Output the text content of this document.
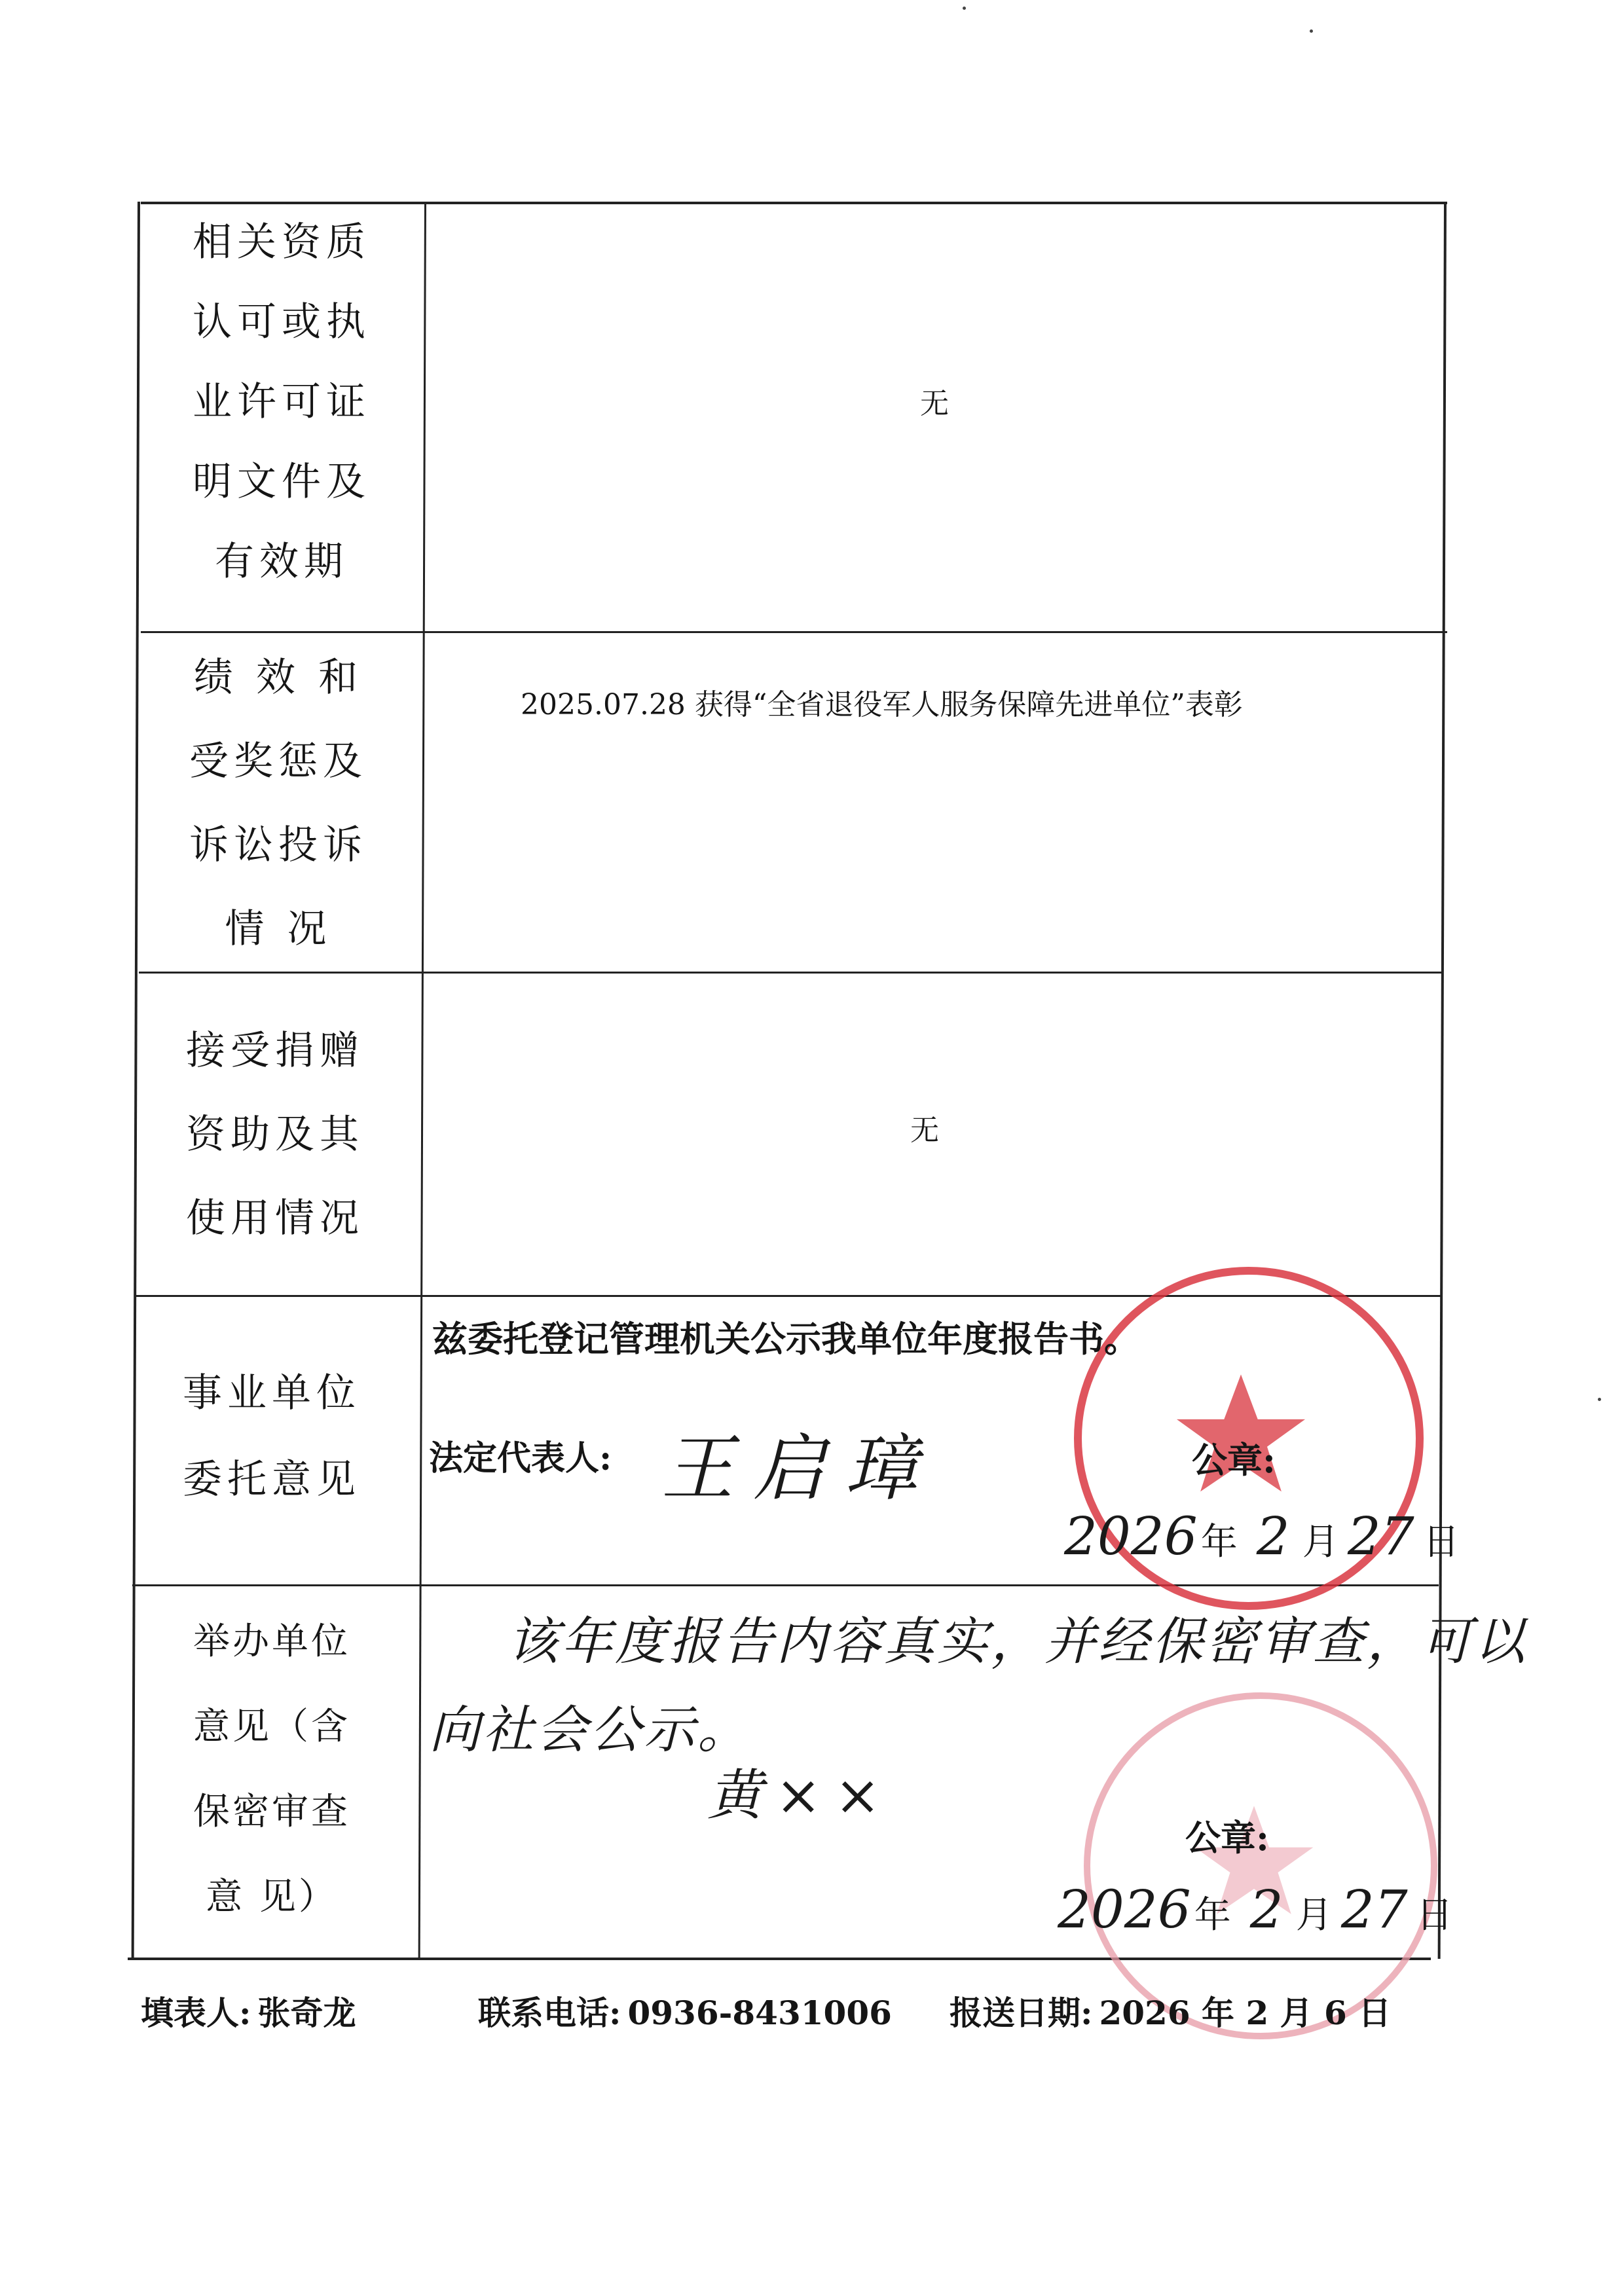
相关资质
认可或执
业许可证
明文件及
有效期
无
绩 效 和
受奖惩及
诉讼投诉
情 况
2025.07.28 获得“全省退役军人服务保障先进单位”表彰
接受捐赠
资助及其
使用情况
无
事业单位
委托意见
兹委托登记管理机关公示我单位年度报告书。
法定代表人: 王启璋	公章:
2026 年 2 月 27 日
举办单位
意见（含
保密审查
意 见）
该年度报告内容真实，并经保密审查，可以
向社会公示。
黄××
公章:
2026 年 2 月 27 日
填表人: 张奇龙	联系电话: 0936-8431006 报送日期: 2026 年 2 月 6 日
